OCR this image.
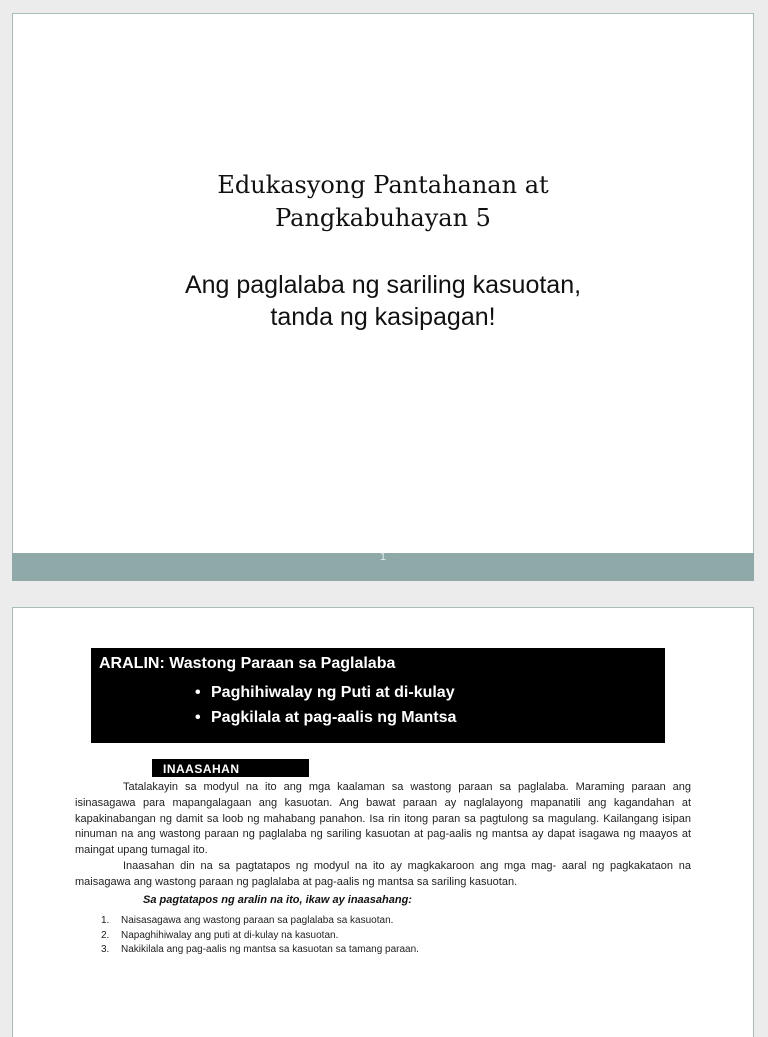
Edukasyong Pantahanan at
Pangkabuhayan 5
Ang paglalaba ng sariling kasuotan,
tanda ng kasipagan!
1
ARALIN: Wastong Paraan sa Paglalaba
• Paghihiwalay ng Puti at di-kulay
• Pagkilala at pag-aalis ng Mantsa
INAASAHAN

Tatalakayin sa modyul na ito ang mga kaalaman sa wastong paraan sa paglalaba. Maraming paraan ang isinasagawa para mapangalagaan ang kasuotan. Ang bawat paraan ay naglalayong mapanatili ang kagandahan at kapakinabangan ng damit sa loob ng mahabang panahon. Isa rin itong paran sa pagtulong sa magulang. Kailangang isipan ninuman na ang wastong paraan ng paglalaba ng sariling kasuotan at pag-aalis ng mantsa ay dapat isagawa ng maayos at maingat upang tumagal ito.

Inaasahan din na sa pagtatapos ng modyul na ito ay magkakaroon ang mga mag- aaral ng pagkakataon na maisagawa ang wastong paraan ng paglalaba at pag-aalis ng mantsa sa sariling kasuotan.

Sa pagtatapos ng aralin na ito, ikaw ay inaasahang:
1. Naisasagawa ang wastong paraan sa paglalaba sa kasuotan.
2. Napaghihiwalay ang puti at di-kulay na kasuotan.
3. Nakikilala ang pag-aalis ng mantsa sa kasuotan sa tamang paraan.
